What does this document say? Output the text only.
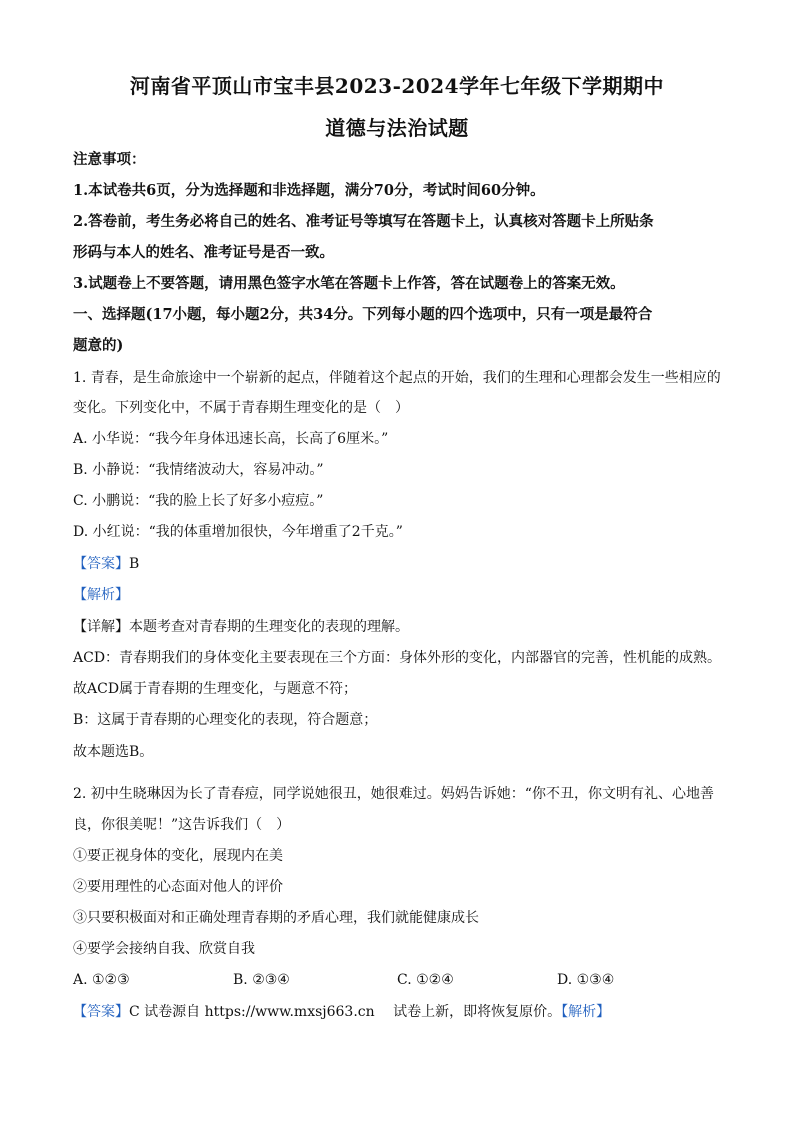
河南省平顶山市宝丰县2023-2024学年七年级下学期期中
道德与法治试题
注意事项：
1.本试卷共6页，分为选择题和非选择题，满分70分，考试时间60分钟。
2.答卷前，考生务必将自己的姓名、准考证号等填写在答题卡上，认真核对答题卡上所贴条
形码与本人的姓名、准考证号是否一致。
3.试题卷上不要答题，请用黑色签字水笔在答题卡上作答，答在试题卷上的答案无效。
一、选择题(17小题，每小题2分，共34分。下列每小题的四个选项中，只有一项是最符合
题意的)
1. 青春，是生命旅途中一个崭新的起点，伴随着这个起点的开始，我们的生理和心理都会发生一些相应的
变化。下列变化中，不属于青春期生理变化的是（　）
A. 小华说：“我今年身体迅速长高，长高了6厘米。”
B. 小静说：“我情绪波动大，容易冲动。”
C. 小鹏说：“我的脸上长了好多小痘痘。”
D. 小红说：“我的体重增加很快，今年增重了2千克。”
【答案】B
【解析】
【详解】本题考查对青春期的生理变化的表现的理解。
ACD：青春期我们的身体变化主要表现在三个方面：身体外形的变化，内部器官的完善，性机能的成熟。
故ACD属于青春期的生理变化，与题意不符；
B：这属于青春期的心理变化的表现，符合题意；
故本题选B。
2. 初中生晓琳因为长了青春痘，同学说她很丑，她很难过。妈妈告诉她：“你不丑，你文明有礼、心地善
良，你很美呢！”这告诉我们（　）
①要正视身体的变化，展现内在美
②要用理性的心态面对他人的评价
③只要积极面对和正确处理青春期的矛盾心理，我们就能健康成长
④要学会接纳自我、欣赏自我
A. ①②③	B. ②③④	C. ①②④	D. ①③④
【答案】C 试卷源自 https://www.mxsj663.cn　 试卷上新，即将恢复原价。【解析】
